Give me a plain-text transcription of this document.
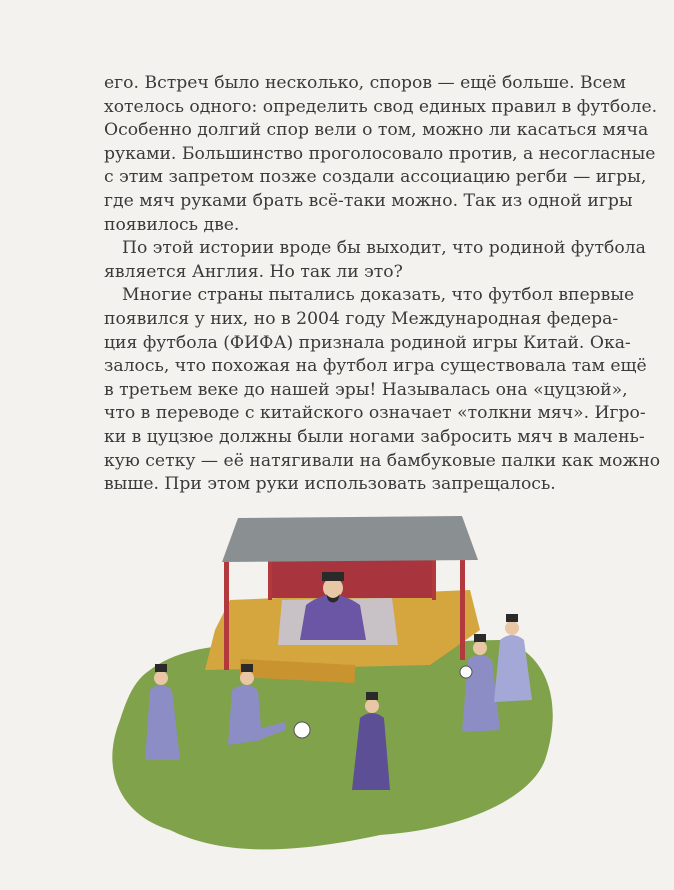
его. Встреч было несколько, споров — ещё больше. Всем
хотелось одного: определить свод единых правил в футболе.
Особенно долгий спор вели о том, можно ли касаться мяча
руками. Большинство проголосовало против, а несогласные
с этим запретом позже создали ассоциацию регби — игры,
где мяч руками брать всё-таки можно. Так из одной игры
появилось две.

По этой истории вроде бы выходит, что родиной футбола
является Англия. Но так ли это?

Многие страны пытались доказать, что футбол впервые
появился у них, но в 2004 году Международная федера-
ция футбола (ФИФА) признала родиной игры Китай. Ока-
залось, что похожая на футбол игра существовала там ещё
в третьем веке до нашей эры! Называлась она «цуцзюй»,
что в переводе с китайского означает «толкни мяч». Игро-
ки в цуцзюе должны были ногами забросить мяч в малень-
кую сетку — её натягивали на бамбуковые палки как можно
выше. При этом руки использовать запрещалось.
